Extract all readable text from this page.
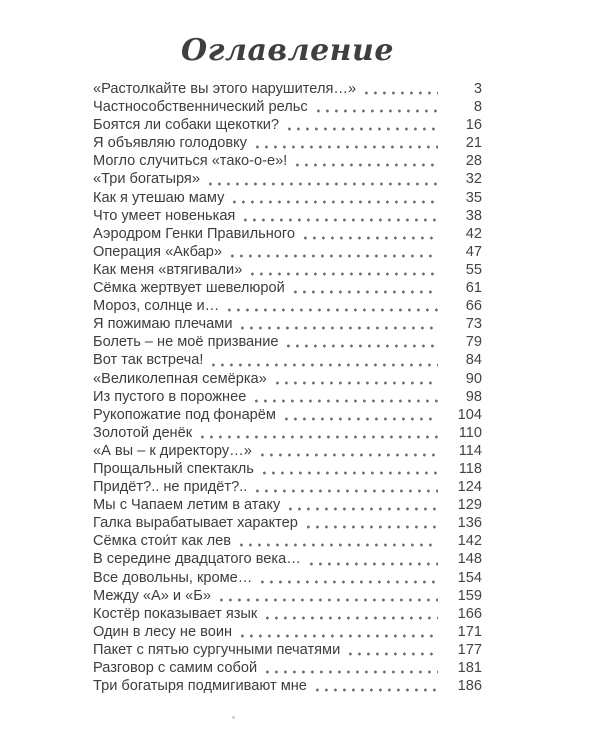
Оглавление
«Растолкайте вы этого нарушителя…»	3
Частнособственнический рельс	8
Боятся ли собаки щекотки?	16
Я объявляю голодовку	21
Могло случиться «тако-о-е»!	28
«Три богатыря»	32
Как я утешаю маму	35
Что умеет новенькая	38
Аэродром Генки Правильного	42
Операция «Акбар»	47
Как меня «втягивали»	55
Сёмка жертвует шевелюрой	61
Мороз, солнце и…	66
Я пожимаю плечами	73
Болеть – не моё призвание	79
Вот так встреча!	84
«Великолепная семёрка»	90
Из пустого в порожнее	98
Рукопожатие под фонарём	104
Золотой денёк	110
«А вы – к директору…»	114
Прощальный спектакль	118
Придёт?.. не придёт?..	124
Мы с Чапаем летим в атаку	129
Галка вырабатывает характер	136
Сёмка стои́т как лев	142
В середине двадцатого века…	148
Все довольны, кроме…	154
Между «А» и «Б»	159
Костёр показывает язык	166
Один в лесу не воин	171
Пакет с пятью сургучными печатями	177
Разговор с самим собой	181
Три богатыря подмигивают мне	186
